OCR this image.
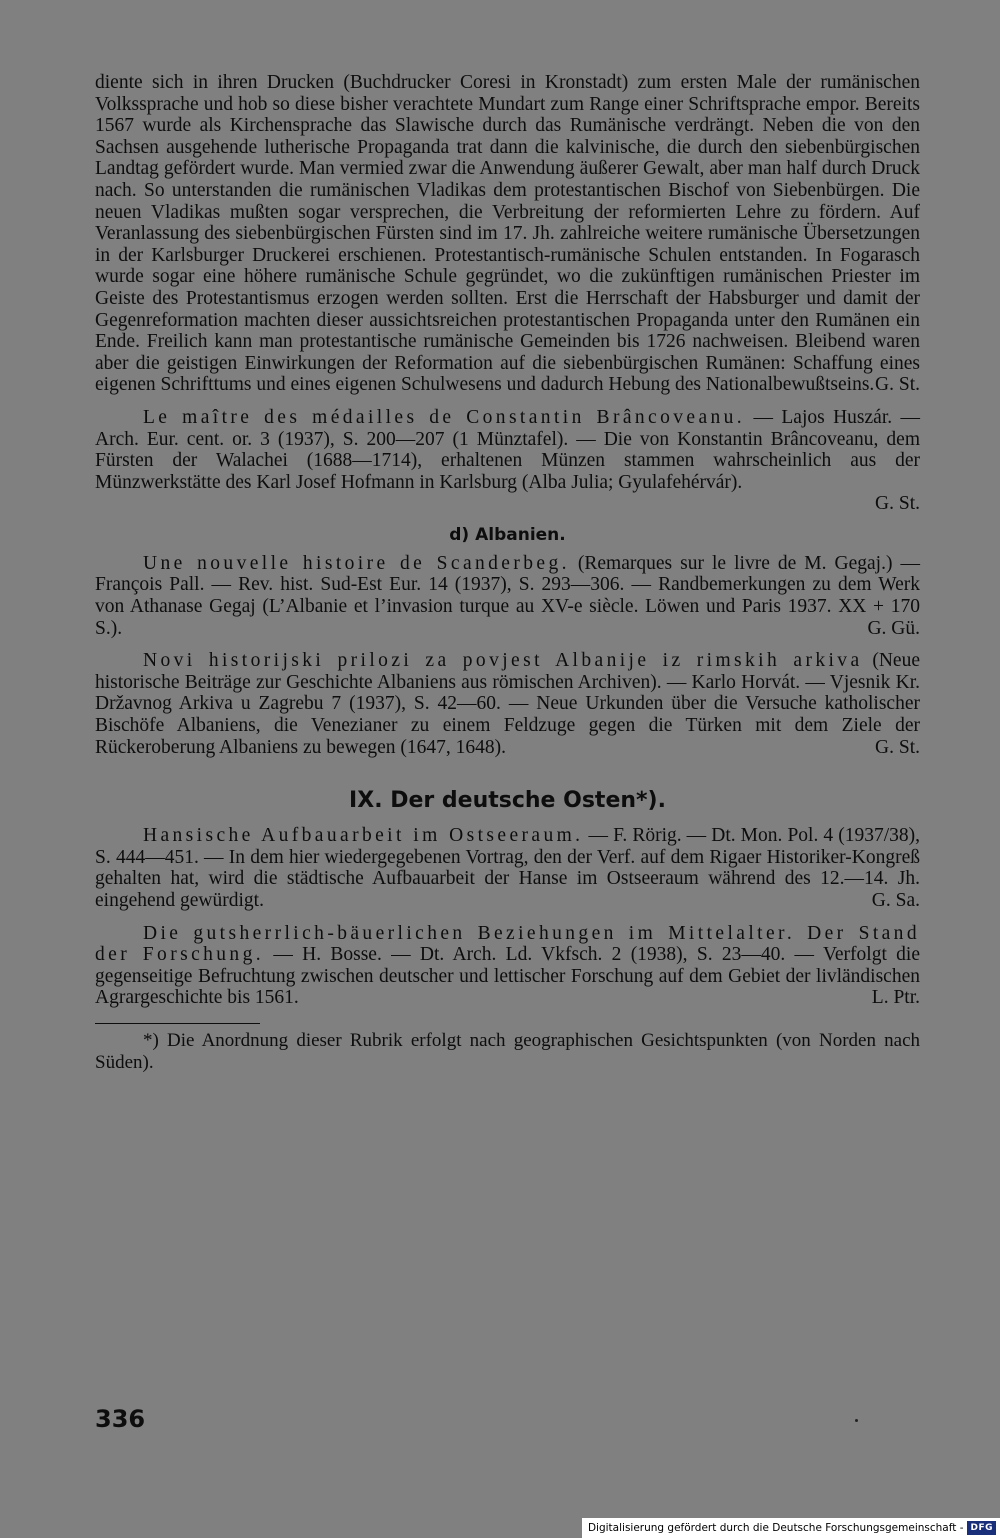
diente sich in ihren Drucken (Buchdrucker Coresi in Kronstadt) zum ersten Male der rumänischen Volkssprache und hob so diese bisher verachtete Mundart zum Range einer Schriftsprache empor. Bereits 1567 wurde als Kirchensprache das Slawische durch das Rumänische verdrängt. Neben die von den Sachsen ausgehende lutherische Propaganda trat dann die kalvinische, die durch den siebenbürgischen Landtag gefördert wurde. Man vermied zwar die Anwendung äußerer Gewalt, aber man half durch Druck nach. So unterstanden die rumänischen Vladikas dem protestantischen Bischof von Siebenbürgen. Die neuen Vladikas mußten sogar versprechen, die Verbreitung der reformierten Lehre zu fördern. Auf Veranlassung des siebenbürgischen Fürsten sind im 17. Jh. zahlreiche weitere rumänische Übersetzungen in der Karlsburger Druckerei erschienen. Protestantisch-rumänische Schulen entstanden. In Fogarasch wurde sogar eine höhere rumänische Schule gegründet, wo die zukünftigen rumänischen Priester im Geiste des Protestantismus erzogen werden sollten. Erst die Herrschaft der Habsburger und damit der Gegenreformation machten dieser aussichtsreichen protestantischen Propaganda unter den Rumänen ein Ende. Freilich kann man protestantische rumänische Gemeinden bis 1726 nachweisen. Bleibend waren aber die geistigen Einwirkungen der Reformation auf die siebenbürgischen Rumänen: Schaffung eines eigenen Schrifttums und eines eigenen Schulwesens und dadurch Hebung des Nationalbewußtseins. G. St.

Le maître des médailles de Constantin Brâncoveanu. — Lajos Huszár. — Arch. Eur. cent. or. 3 (1937), S. 200—207 (1 Münztafel). — Die von Konstantin Brâncoveanu, dem Fürsten der Walachei (1688—1714), erhaltenen Münzen stammen wahrscheinlich aus der Münzwerkstätte des Karl Josef Hofmann in Karlsburg (Alba Julia; Gyulafehérvár).

G. St.

d) Albanien.

Une nouvelle histoire de Scanderbeg. (Remarques sur le livre de M. Gegaj.) — François Pall. — Rev. hist. Sud-Est Eur. 14 (1937), S. 293—306. — Randbemerkungen zu dem Werk von Athanase Gegaj (L’Albanie et l’invasion turque au XV-e siècle. Löwen und Paris 1937. XX + 170 S.).	G. Gü.

Novi historijski prilozi za povjest Albanije iz rimskih arkiva (Neue historische Beiträge zur Geschichte Albaniens aus römischen Archiven). — Karlo Horvát. — Vjesnik Kr. Državnog Arkiva u Zagrebu 7 (1937), S. 42—60. — Neue Urkunden über die Versuche katholischer Bischöfe Albaniens, die Venezianer zu einem Feldzuge gegen die Türken mit dem Ziele der Rückeroberung Albaniens zu bewegen (1647, 1648).	G. St.

IX. Der deutsche Osten*).

Hansische Aufbauarbeit im Ostseeraum. — F. Rörig. — Dt. Mon. Pol. 4 (1937/38), S. 444—451. — In dem hier wiedergegebenen Vortrag, den der Verf. auf dem Rigaer Historiker-Kongreß gehalten hat, wird die städtische Aufbauarbeit der Hanse im Ostseeraum während des 12.—14. Jh. eingehend gewürdigt.	G. Sa.

Die gutsherrlich-bäuerlichen Beziehungen im Mittelalter. Der Stand der Forschung. — H. Bosse. — Dt. Arch. Ld. Vkfsch. 2 (1938), S. 23—40. — Verfolgt die gegenseitige Befruchtung zwischen deutscher und lettischer Forschung auf dem Gebiet der livländischen Agrargeschichte bis 1561.	L. Ptr.

*) Die Anordnung dieser Rubrik erfolgt nach geographischen Gesichtspunkten (von Norden nach Süden).

336
Digitalisierung gefördert durch die Deutsche Forschungsgemeinschaft - DFG
